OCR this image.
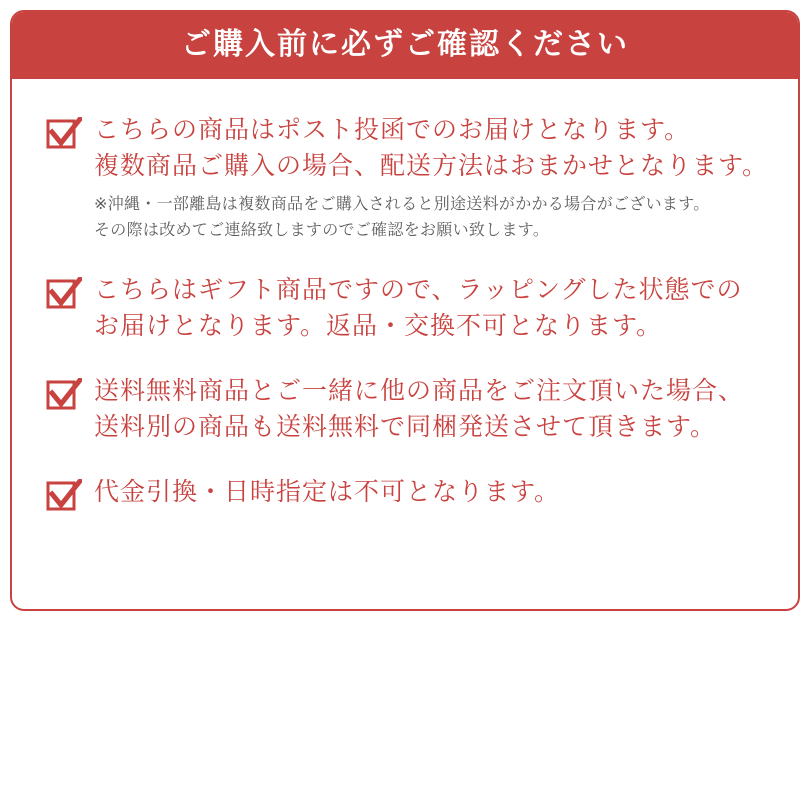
ご購入前に必ずご確認ください
こちらの商品はポスト投函でのお届けとなります。
複数商品ご購入の場合、配送方法はおまかせとなります。
※沖縄・一部離島は複数商品をご購入されると別途送料がかかる場合がございます。
その際は改めてご連絡致しますのでご確認をお願い致します。
こちらはギフト商品ですので、ラッピングした状態での
お届けとなります。返品・交換不可となります。
送料無料商品とご一緒に他の商品をご注文頂いた場合、
送料別の商品も送料無料で同梱発送させて頂きます。
代金引換・日時指定は不可となります。
